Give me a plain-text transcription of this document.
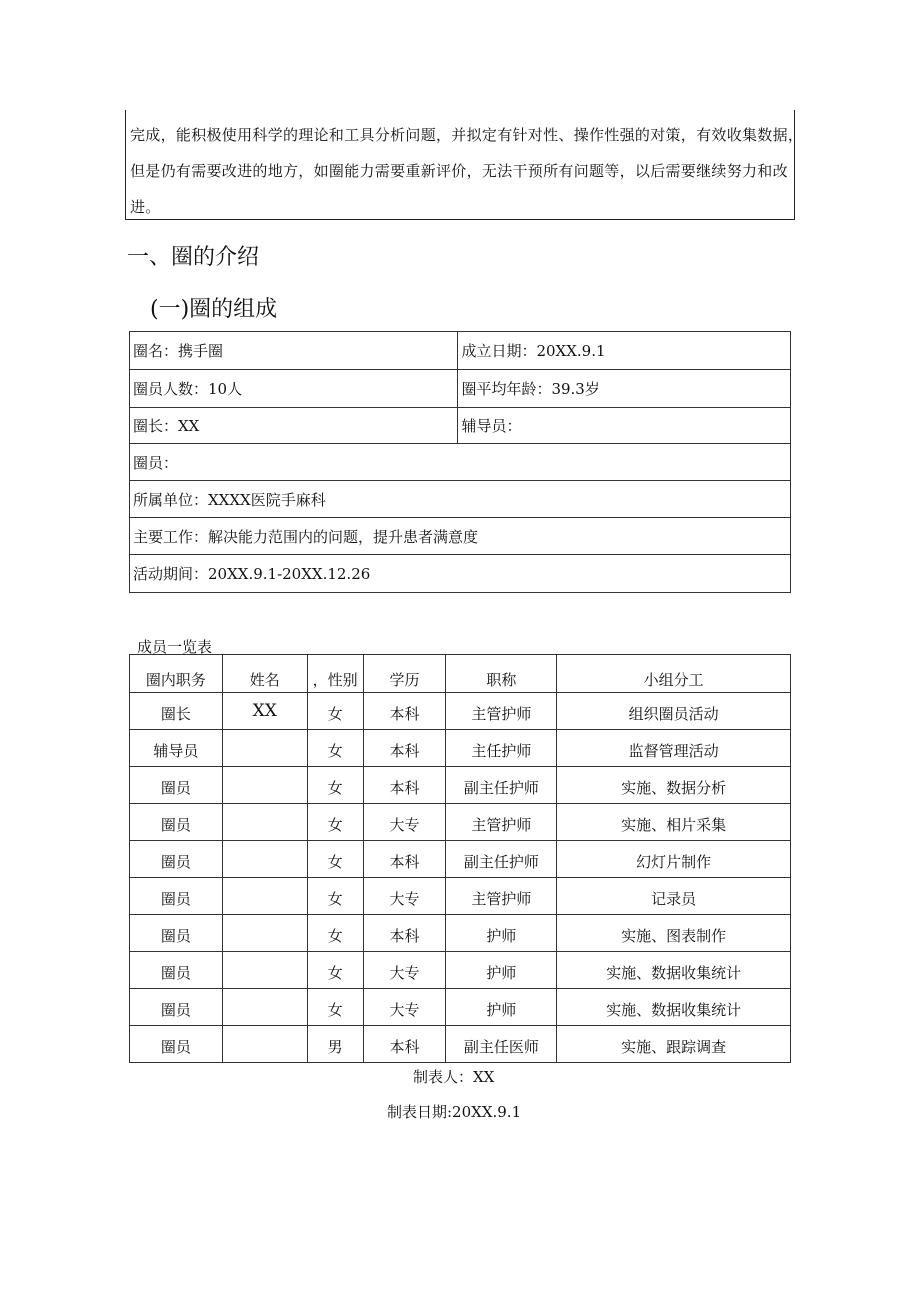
完成，能积极使用科学的理论和工具分析问题，并拟定有针对性、操作性强的对策，有效收集数据，
但是仍有需要改进的地方，如圈能力需要重新评价，无法干预所有问题等，以后需要继续努力和改
进。
一、圈的介绍
(一)圈的组成
圈名：携手圈	成立日期：20XX.9.1
圈员人数：10人	圈平均年龄：39.3岁
圈长：XX	辅导员：
圈员：	
所属单位：XXXX医院手麻科	
主要工作：解决能力范围内的问题，提升患者满意度	
活动期间：20XX.9.1-20XX.12.26	
成员一览表
圈内职务	姓名	，性别	学历	职称	小组分工
圈长	XX	女	本科	主管护师	组织圈员活动
辅导员		女	本科	主任护师	监督管理活动
圈员		女	本科	副主任护师	实施、数据分析
圈员		女	大专	主管护师	实施、相片采集
圈员		女	本科	副主任护师	幻灯片制作
圈员		女	大专	主管护师	记录员
圈员		女	本科	护师	实施、图表制作
圈员		女	大专	护师	实施、数据收集统计
圈员		女	大专	护师	实施、数据收集统计
圈员		男	本科	副主任医师	实施、跟踪调查
制表人：XX
制表日期:20XX.9.1
